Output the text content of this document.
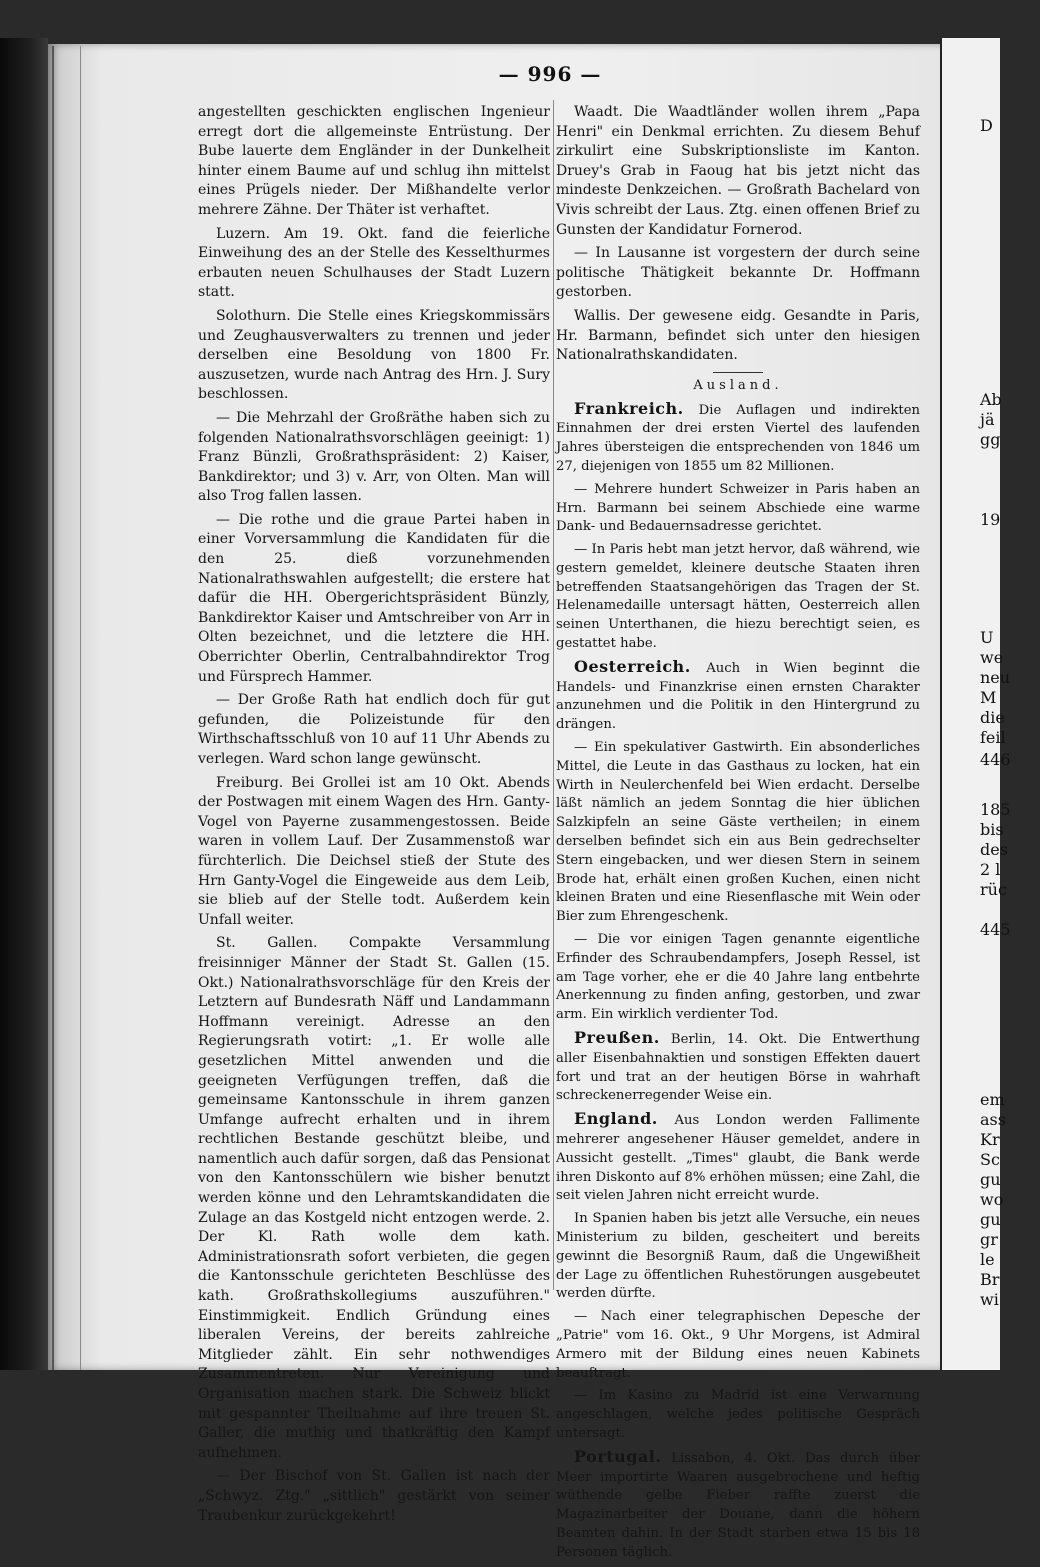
D
Ab
jä
gg
19
U
we
neu
M
die
feil
446
185
bis
des
2 l
rüc
445
em
ass
Kr
Sc
gu
wo
gu
gr
le
Br
wi
— 996 —

angestellten geschickten englischen Ingenieur erregt dort die allgemeinste Entrüstung. Der Bube lauerte dem Engländer in der Dunkelheit hinter einem Baume auf und schlug ihn mittelst eines Prügels nieder. Der Mißhandelte verlor mehrere Zähne. Der Thäter ist verhaftet.

Luzern. Am 19. Okt. fand die feierliche Einweihung des an der Stelle des Kesselthurmes erbauten neuen Schulhauses der Stadt Luzern statt.

Solothurn. Die Stelle eines Kriegskommissärs und Zeughausverwalters zu trennen und jeder derselben eine Besoldung von 1800 Fr. auszusetzen, wurde nach Antrag des Hrn. J. Sury beschlossen.

— Die Mehrzahl der Großräthe haben sich zu folgenden Nationalrathsvorschlägen geeinigt: 1) Franz Bünzli, Großrathspräsident: 2) Kaiser, Bankdirektor; und 3) v. Arr, von Olten. Man will also Trog fallen lassen.

— Die rothe und die graue Partei haben in einer Vorversammlung die Kandidaten für die den 25. dieß vorzunehmenden Nationalrathswahlen aufgestellt; die erstere hat dafür die HH. Obergerichtspräsident Bünzly, Bankdirektor Kaiser und Amtschreiber von Arr in Olten bezeichnet, und die letztere die HH. Oberrichter Oberlin, Centralbahndirektor Trog und Fürsprech Hammer.

— Der Große Rath hat endlich doch für gut gefunden, die Polizeistunde für den Wirthschaftsschluß von 10 auf 11 Uhr Abends zu verlegen. Ward schon lange gewünscht.

Freiburg. Bei Grollei ist am 10 Okt. Abends der Postwagen mit einem Wagen des Hrn. Ganty-Vogel von Payerne zusammengestossen. Beide waren in vollem Lauf. Der Zusammenstoß war fürchterlich. Die Deichsel stieß der Stute des Hrn Ganty-Vogel die Eingeweide aus dem Leib, sie blieb auf der Stelle todt. Außerdem kein Unfall weiter.

St. Gallen. Compakte Versammlung freisinniger Männer der Stadt St. Gallen (15. Okt.) Nationalrathsvorschläge für den Kreis der Letztern auf Bundesrath Näff und Landammann Hoffmann vereinigt. Adresse an den Regierungsrath votirt: „1. Er wolle alle gesetzlichen Mittel anwenden und die geeigneten Verfügungen treffen, daß die gemeinsame Kantonsschule in ihrem ganzen Umfange aufrecht erhalten und in ihrem rechtlichen Bestande geschützt bleibe, und namentlich auch dafür sorgen, daß das Pensionat von den Kantonsschülern wie bisher benutzt werden könne und den Lehramtskandidaten die Zulage an das Kostgeld nicht entzogen werde. 2. Der Kl. Rath wolle dem kath. Administrationsrath sofort verbieten, die gegen die Kantonsschule gerichteten Beschlüsse des kath. Großrathskollegiums auszuführen." Einstimmigkeit. Endlich Gründung eines liberalen Vereins, der bereits zahlreiche Mitglieder zählt. Ein sehr nothwendiges Zusammentreten. Nur Vereinigung und Organisation machen stark. Die Schweiz blickt mit gespannter Theilnahme auf ihre treuen St. Galler, die muthig und thatkräftig den Kampf aufnehmen.

— Der Bischof von St. Gallen ist nach der „Schwyz. Ztg." „sittlich" gestärkt von seiner Traubenkur zurückgekehrt!

Waadt. Die Waadtländer wollen ihrem „Papa Henri" ein Denkmal errichten. Zu diesem Behuf zirkulirt eine Subskriptionsliste im Kanton. Druey's Grab in Faoug hat bis jetzt nicht das mindeste Denkzeichen. — Großrath Bachelard von Vivis schreibt der Laus. Ztg. einen offenen Brief zu Gunsten der Kandidatur Fornerod.

— In Lausanne ist vorgestern der durch seine politische Thätigkeit bekannte Dr. Hoffmann gestorben.

Wallis. Der gewesene eidg. Gesandte in Paris, Hr. Barmann, befindet sich unter den hiesigen Nationalrathskandidaten.

Ausland.

Frankreich. Die Auflagen und indirekten Einnahmen der drei ersten Viertel des laufenden Jahres übersteigen die entsprechenden von 1846 um 27, diejenigen von 1855 um 82 Millionen.

— Mehrere hundert Schweizer in Paris haben an Hrn. Barmann bei seinem Abschiede eine warme Dank- und Bedauernsadresse gerichtet.

— In Paris hebt man jetzt hervor, daß während, wie gestern gemeldet, kleinere deutsche Staaten ihren betreffenden Staatsangehörigen das Tragen der St. Helenamedaille untersagt hätten, Oesterreich allen seinen Unterthanen, die hiezu berechtigt seien, es gestattet habe.

Oesterreich. Auch in Wien beginnt die Handels- und Finanzkrise einen ernsten Charakter anzunehmen und die Politik in den Hintergrund zu drängen.

— Ein spekulativer Gastwirth. Ein absonderliches Mittel, die Leute in das Gasthaus zu locken, hat ein Wirth in Neulerchenfeld bei Wien erdacht. Derselbe läßt nämlich an jedem Sonntag die hier üblichen Salzkipfeln an seine Gäste vertheilen; in einem derselben befindet sich ein aus Bein gedrechselter Stern eingebacken, und wer diesen Stern in seinem Brode hat, erhält einen großen Kuchen, einen nicht kleinen Braten und eine Riesenflasche mit Wein oder Bier zum Ehrengeschenk.

— Die vor einigen Tagen genannte eigentliche Erfinder des Schraubendampfers, Joseph Ressel, ist am Tage vorher, ehe er die 40 Jahre lang entbehrte Anerkennung zu finden anfing, gestorben, und zwar arm. Ein wirklich verdienter Tod.

Preußen. Berlin, 14. Okt. Die Entwerthung aller Eisenbahnaktien und sonstigen Effekten dauert fort und trat an der heutigen Börse in wahrhaft schreckenerregender Weise ein.

England. Aus London werden Fallimente mehrerer angesehener Häuser gemeldet, andere in Aussicht gestellt. „Times" glaubt, die Bank werde ihren Diskonto auf 8% erhöhen müssen; eine Zahl, die seit vielen Jahren nicht erreicht wurde.

In Spanien haben bis jetzt alle Versuche, ein neues Ministerium zu bilden, gescheitert und bereits gewinnt die Besorgniß Raum, daß die Ungewißheit der Lage zu öffentlichen Ruhestörungen ausgebeutet werden dürfte.

— Nach einer telegraphischen Depesche der „Patrie" vom 16. Okt., 9 Uhr Morgens, ist Admiral Armero mit der Bildung eines neuen Kabinets beauftragt.

— Im Kasino zu Madrid ist eine Verwarnung angeschlagen, welche jedes politische Gespräch untersagt.

Portugal. Lissabon, 4. Okt. Das durch über Meer importirte Waaren ausgebrochene und heftig wüthende gelbe Fieber raffte zuerst die Magazinarbeiter der Douane, dann die höhern Beamten dahin. In der Stadt starben etwa 15 bis 18 Personen täglich.
